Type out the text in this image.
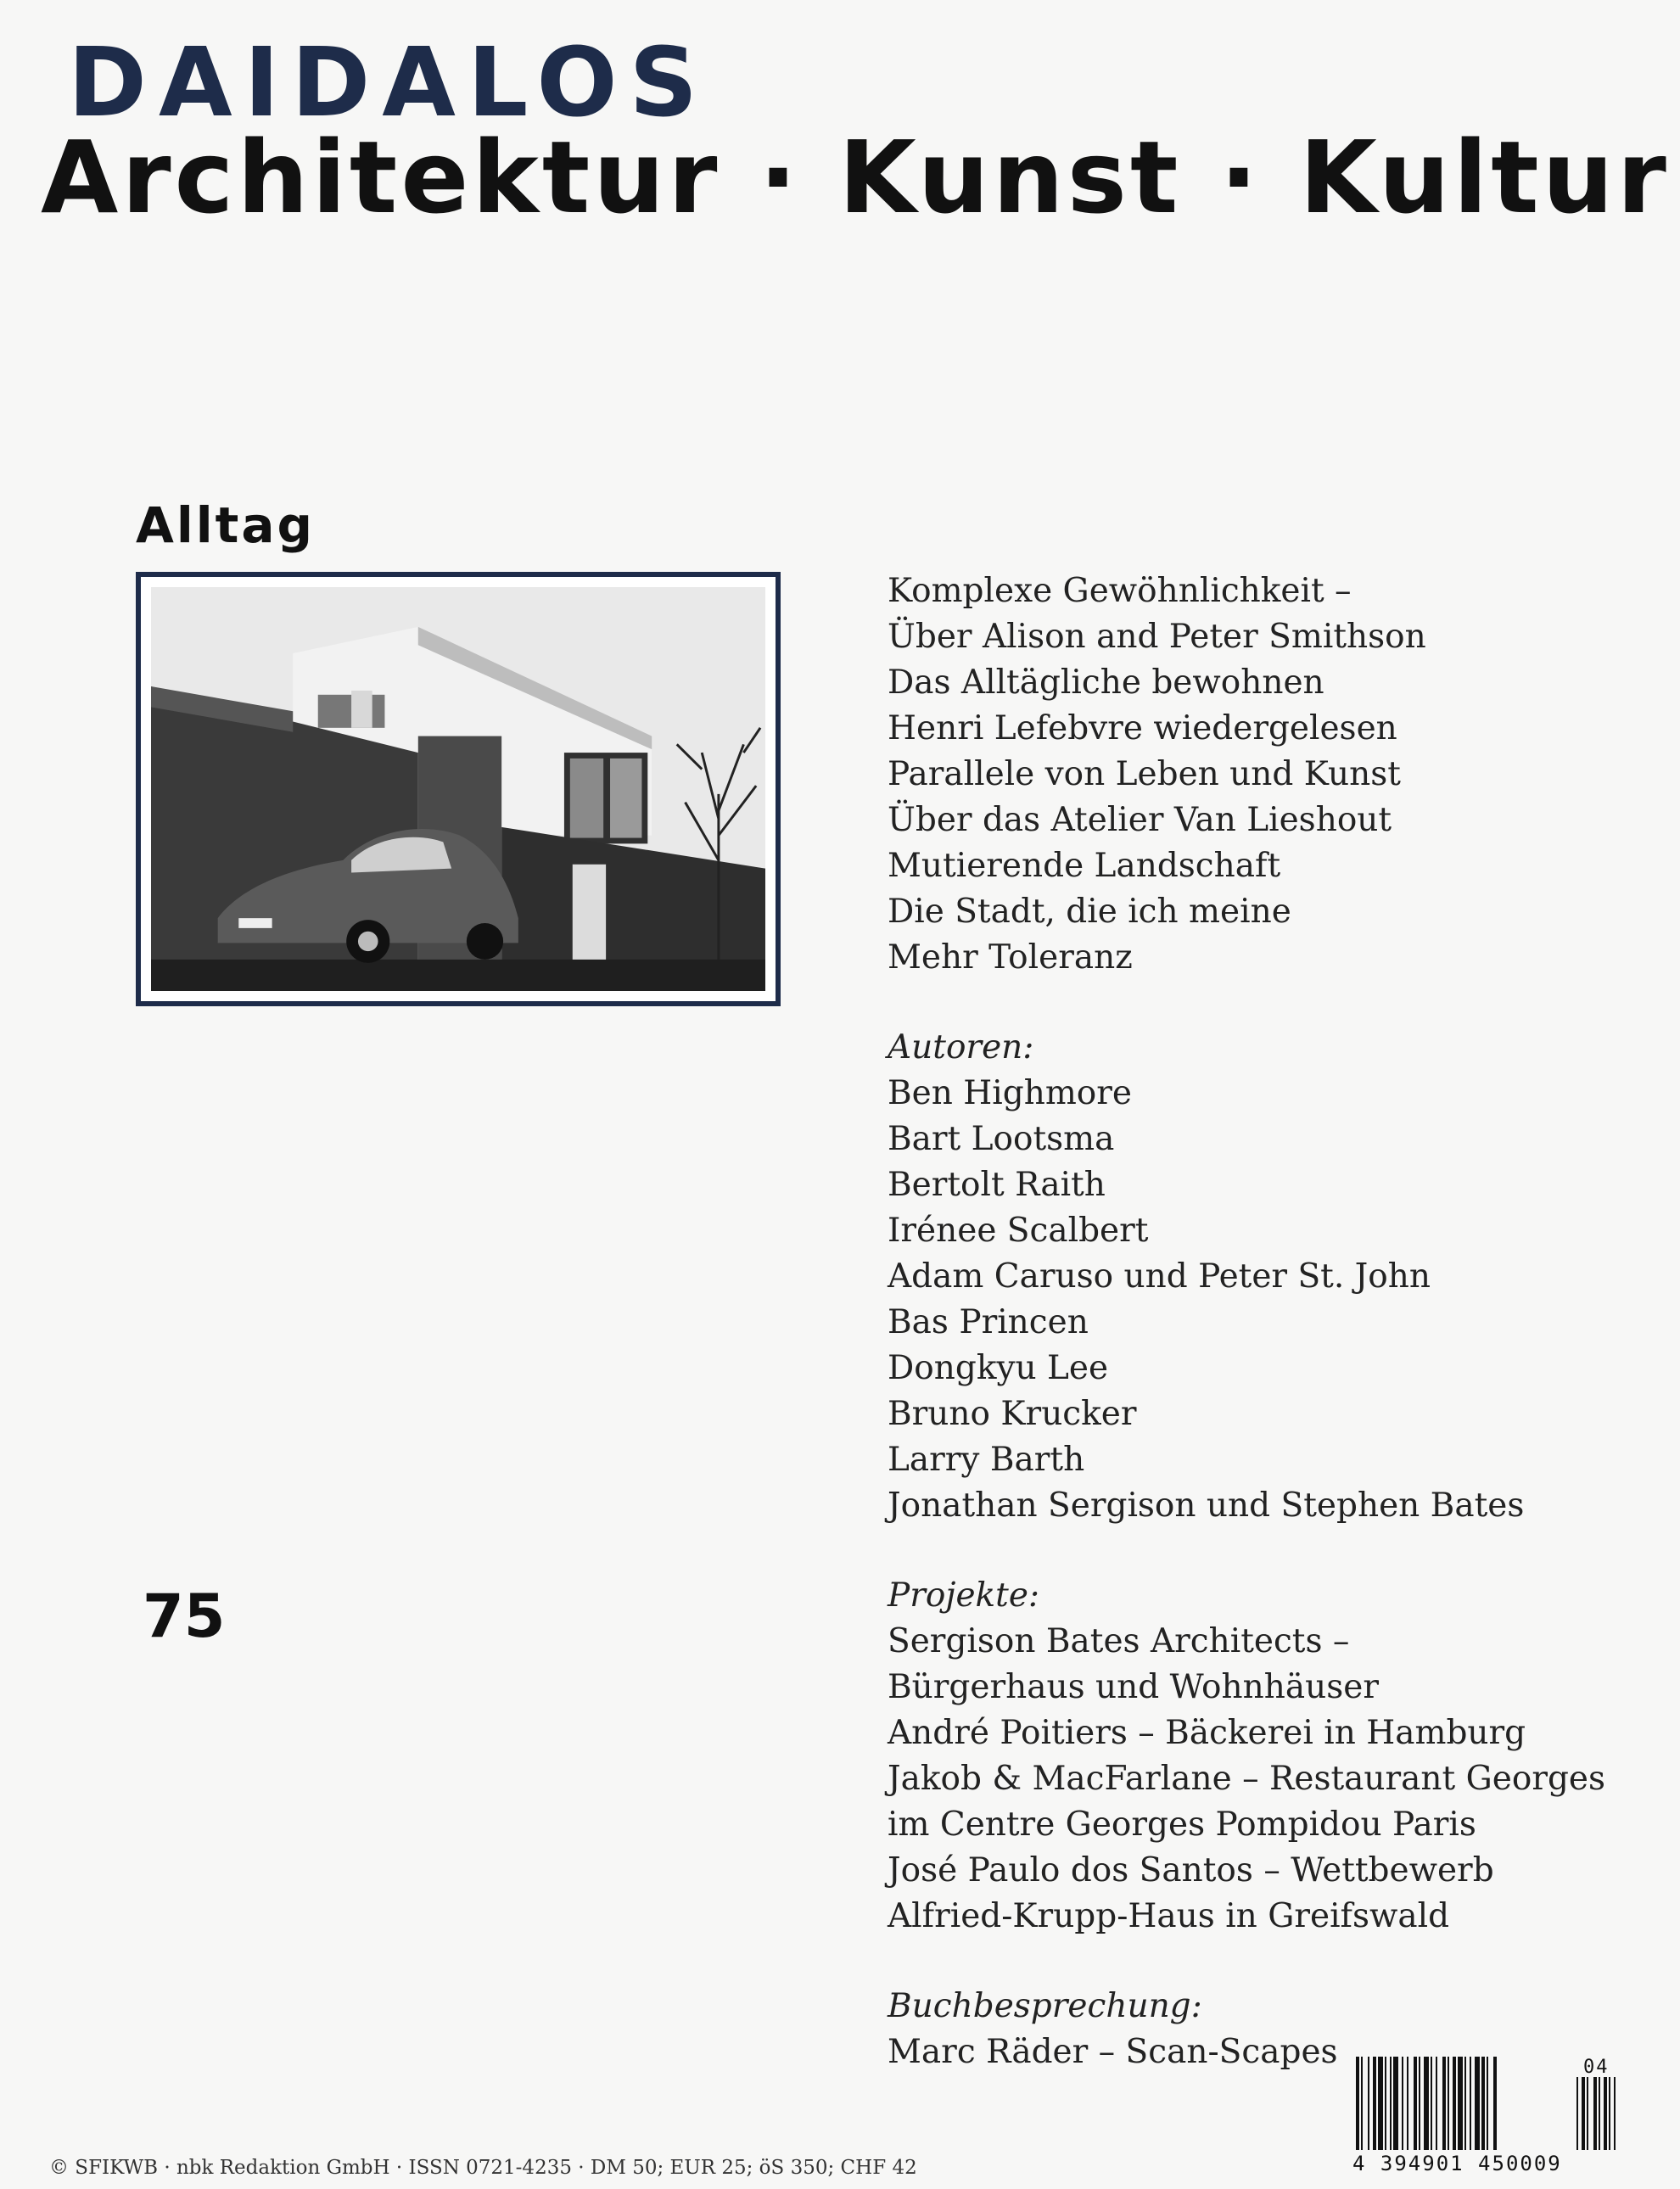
DAIDALOS
Architektur · Kunst · Kultur
Alltag
75
Komplexe Gewöhnlichkeit –
Über Alison and Peter Smithson
Das Alltägliche bewohnen
Henri Lefebvre wiedergelesen
Parallele von Leben und Kunst
Über das Atelier Van Lieshout
Mutierende Landschaft
Die Stadt, die ich meine
Mehr Toleranz
Autoren:
Ben Highmore
Bart Lootsma
Bertolt Raith
Irénee Scalbert
Adam Caruso und Peter St. John
Bas Princen
Dongkyu Lee
Bruno Krucker
Larry Barth
Jonathan Sergison und Stephen Bates
Projekte:
Sergison Bates Architects –
Bürgerhaus und Wohnhäuser
André Poitiers – Bäckerei in Hamburg
Jakob & MacFarlane – Restaurant Georges
im Centre Georges Pompidou Paris
José Paulo dos Santos – Wettbewerb
Alfried-Krupp-Haus in Greifswald
Buchbesprechung:
Marc Räder – Scan-Scapes
4 394901 450009
04
© SFIKWB · nbk Redaktion GmbH · ISSN 0721-4235 · DM 50; EUR 25; öS 350; CHF 42
